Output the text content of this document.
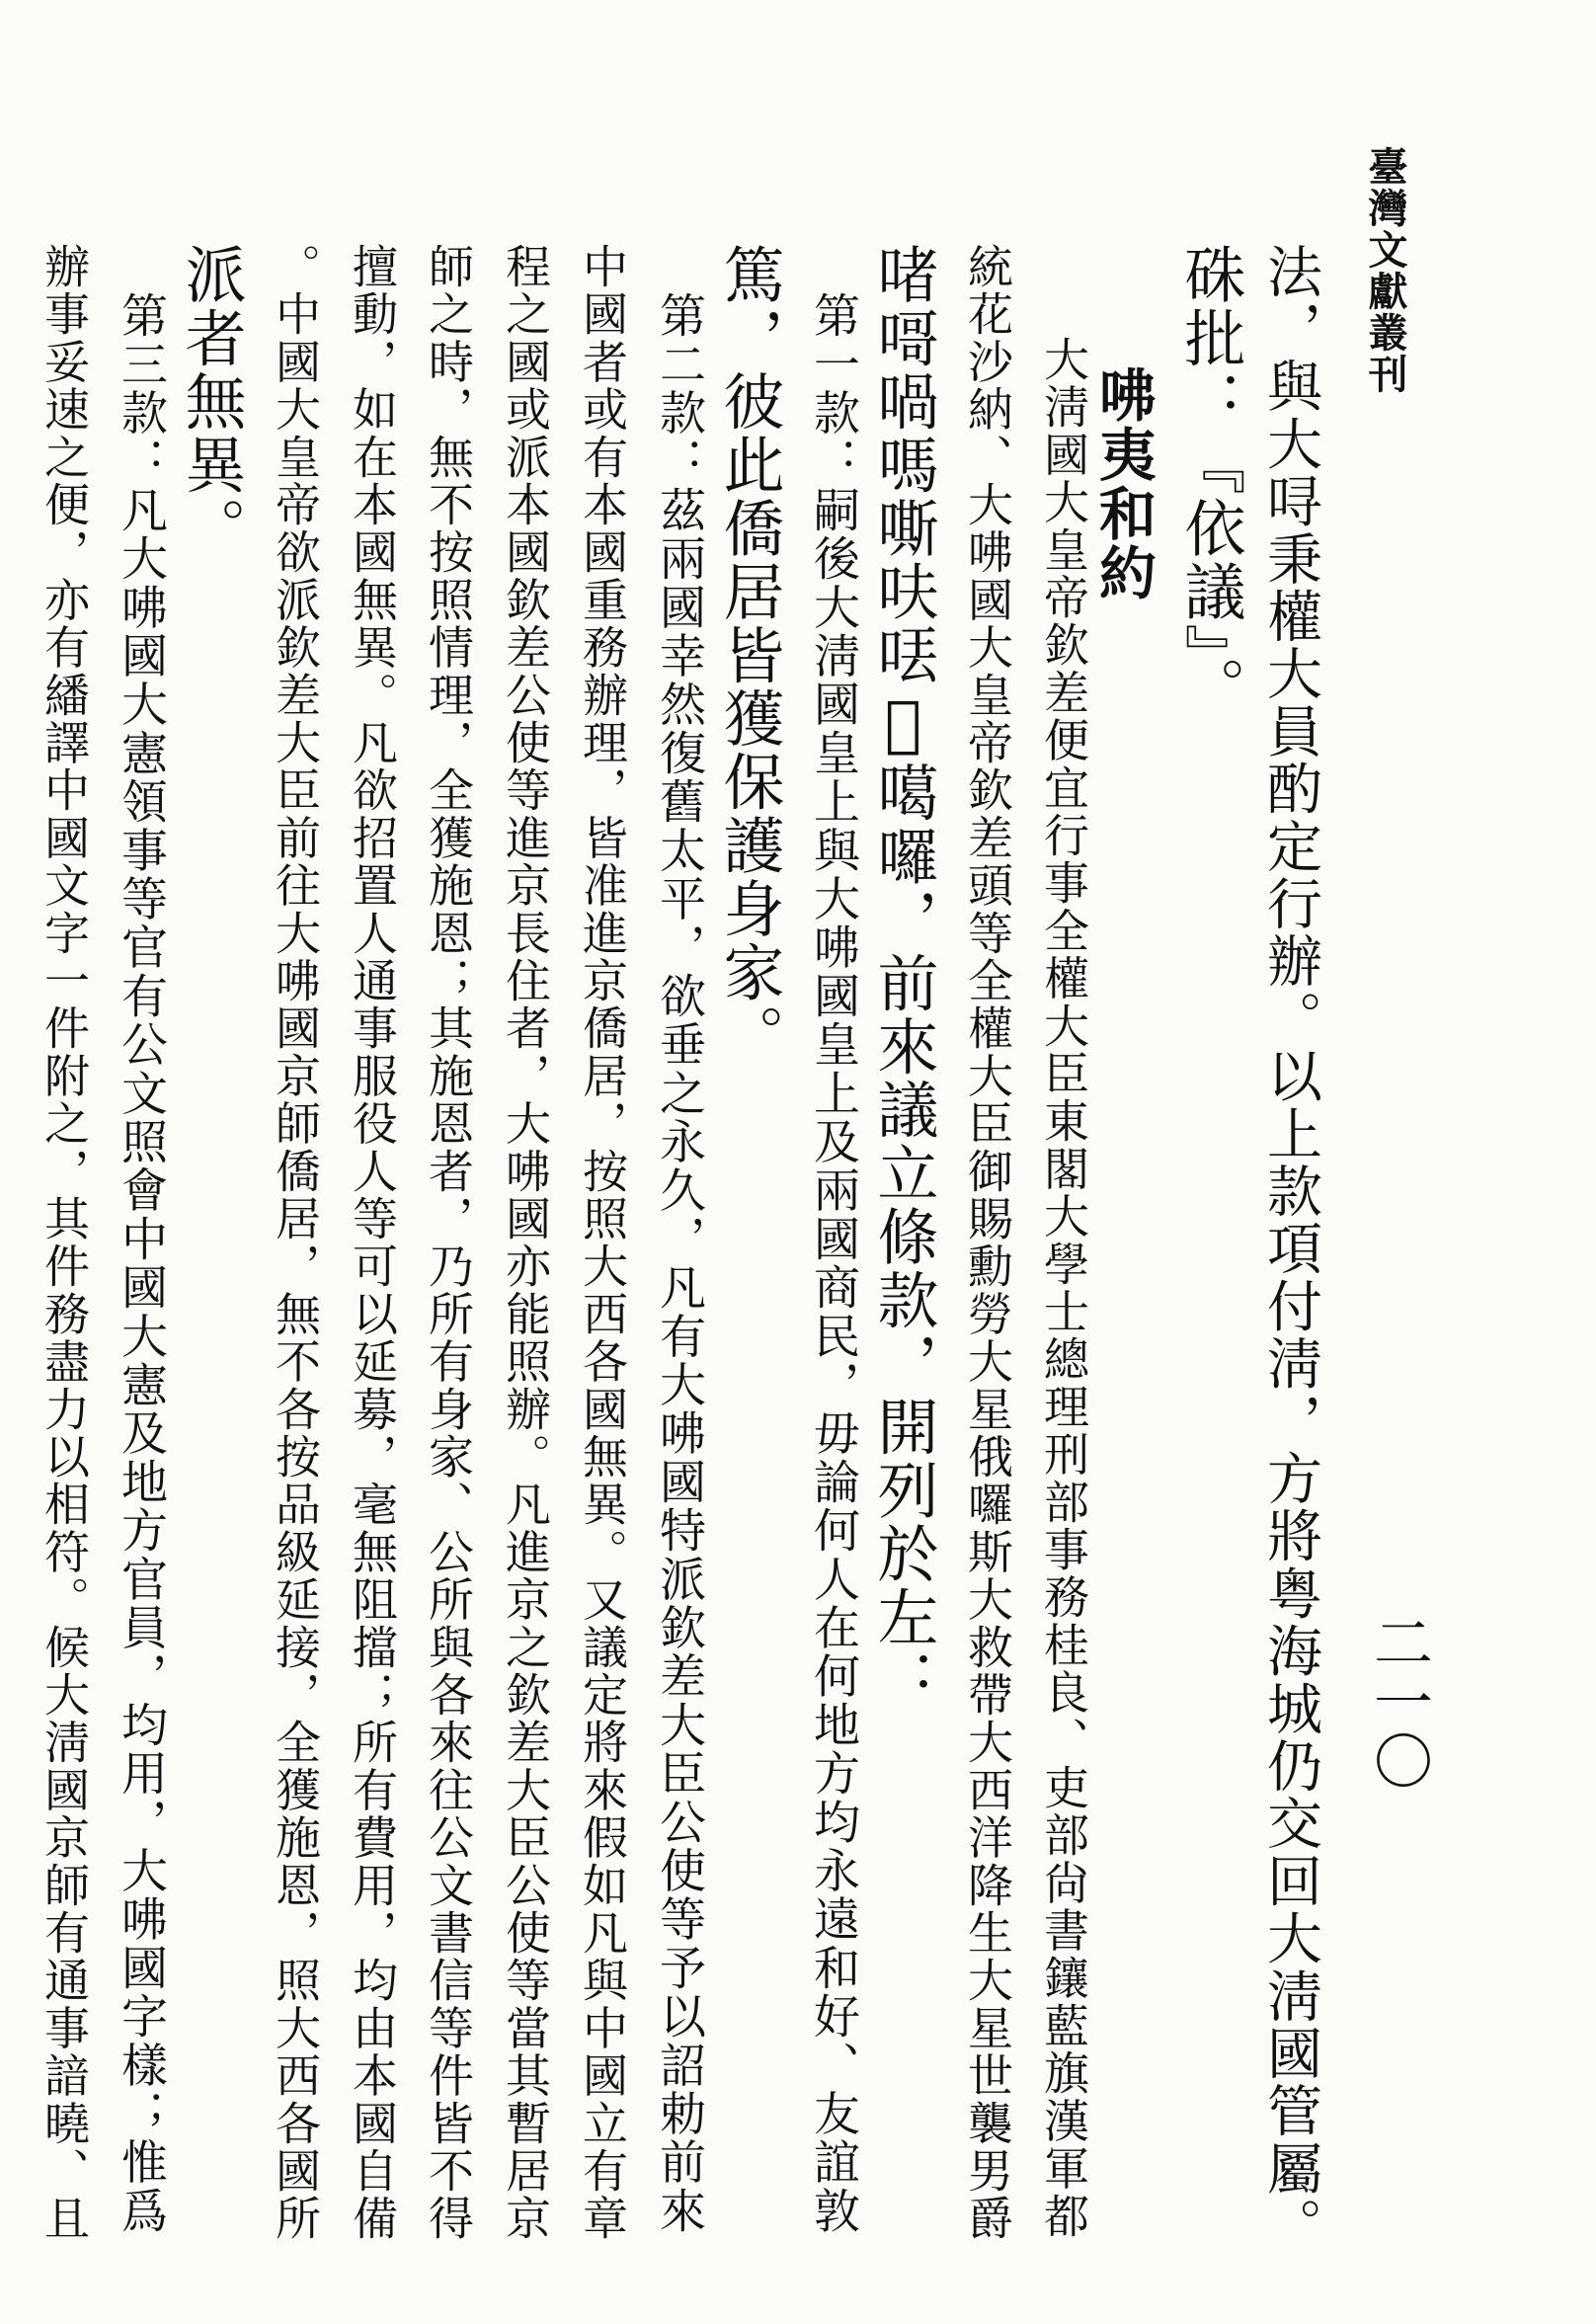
臺灣文獻叢刊
二一〇
法，與大㖊秉權大員酌定行辦。以上款項付淸，方將粤海城仍交回大淸國管屬。
硃批：『依議』。
咈夷和約
大淸國大皇帝欽差便宜行事全權大臣東閣大學士總理刑部事務桂良、吏部尙書鑲藍旗漢軍都
統花沙納、大咈國大皇帝欽差頭等全權大臣御賜勳勞大星俄囉斯大救帶大西洋降生大星世襲男爵
啫𠹭喎嗎嘶呋𠲍𡁚噶囉，前來議立條款，開列於左：
　第一款：嗣後大淸國皇上與大咈國皇上及兩國商民，毋論何人在何地方均永遠和好、友誼敦
篤，彼此僑居皆獲保護身家。
　第二款：茲兩國幸然復舊太平，欲垂之永久，凡有大咈國特派欽差大臣公使等予以詔勅前來
中國者或有本國重務辦理，皆准進京僑居，按照大西各國無異。又議定將來假如凡與中國立有章
程之國或派本國欽差公使等進京長住者，大咈國亦能照辦。凡進京之欽差大臣公使等當其暫居京
師之時，無不按照情理，全獲施恩；其施恩者，乃所有身家、公所與各來往公文書信等件皆不得
擅動，如在本國無異。凡欲招置人通事服役人等可以延募，毫無阻擋；所有費用，均由本國自備
。中國大皇帝欲派欽差大臣前往大咈國京師僑居，無不各按品級延接，全獲施恩，照大西各國所
派者無異。
　第三款：凡大咈國大憲領事等官有公文照會中國大憲及地方官員，均用，大咈國字樣；惟爲
辦事妥速之便，亦有繙譯中國文字一件附之，其件務盡力以相符。候大淸國京師有通事諳曉、且
